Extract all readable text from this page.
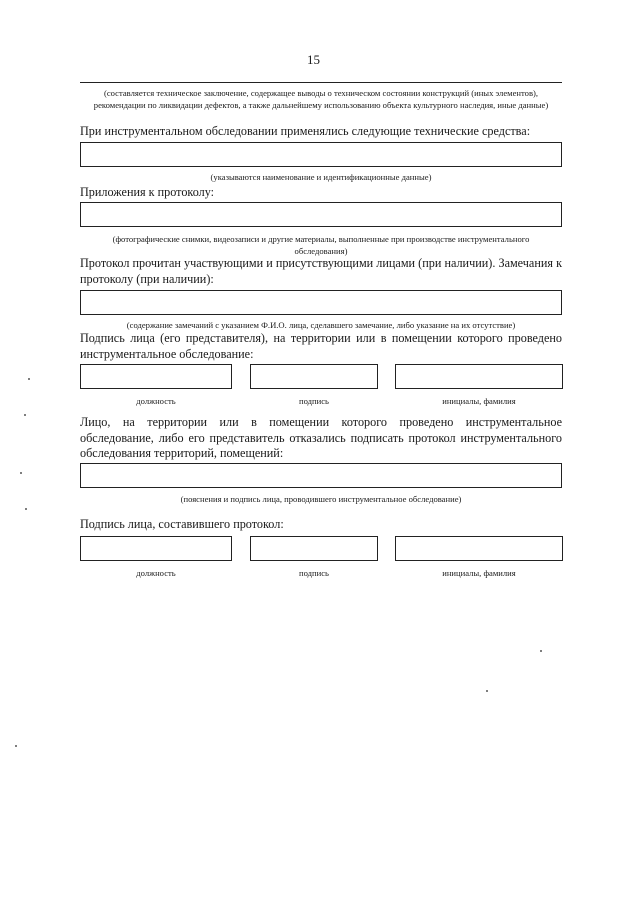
15
(составляется техническое заключение, содержащее выводы о техническом состоянии конструкций (иных элементов), рекомендации по ликвидации дефектов, а также дальнейшему использованию объекта культурного наследия, иные данные)
При инструментальном обследовании применялись следующие технические средства:
(указываются наименование и идентификационные данные)
Приложения к протоколу:
(фотографические снимки, видеозаписи и другие материалы, выполненные при производстве инструментального обследования)
Протокол прочитан участвующими и присутствующими лицами (при наличии). Замечания к протоколу (при наличии):
(содержание замечаний с указанием Ф.И.О. лица, сделавшего замечание, либо указание на их отсутствие)
Подпись лица (его представителя), на территории или в помещении которого проведено инструментальное обследование:
должность	подпись	инициалы, фамилия
Лицо, на территории или в помещении которого проведено инструментальное обследование, либо его представитель отказались подписать протокол инструментального обследования территорий, помещений:
(пояснения и подпись лица, проводившего инструментальное обследование)
Подпись лица, составившего протокол:
должность	подпись	инициалы, фамилия
